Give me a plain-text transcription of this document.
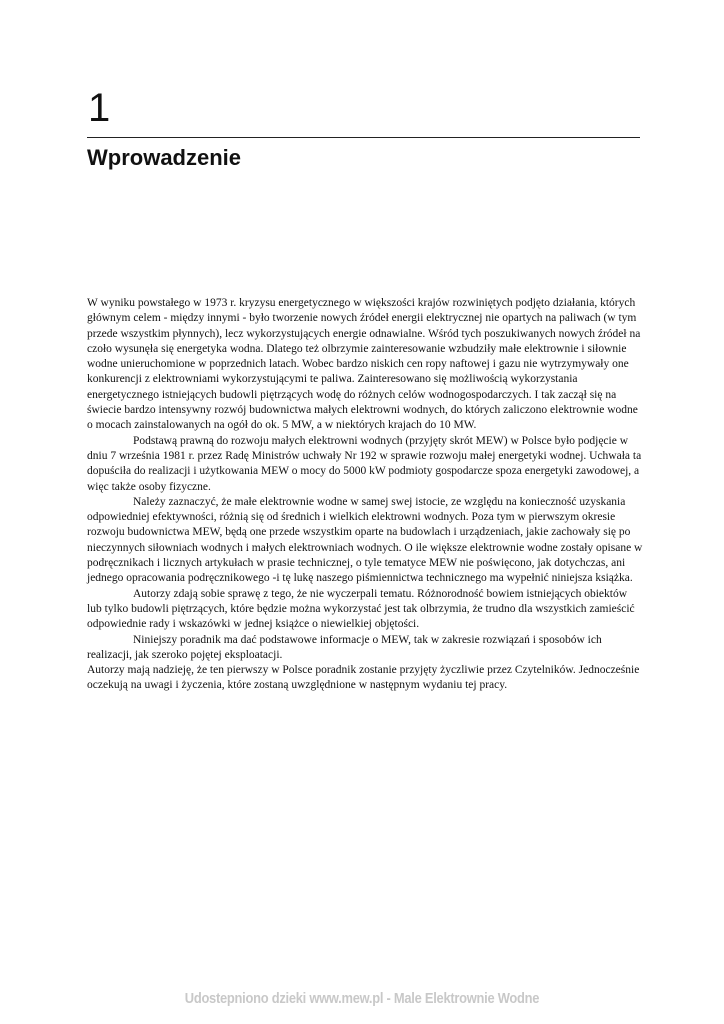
1
Wprowadzenie

W wyniku powstałego w 1973 r. kryzysu energetycznego w większości krajów rozwiniętych podjęto działania, których głównym celem - między innymi - było tworzenie nowych źródeł energii elektrycznej nie opartych na paliwach (w tym przede wszystkim płynnych), lecz wykorzystujących energie odnawialne. Wśród tych poszukiwanych nowych źródeł na czoło wysunęła się energetyka wodna. Dlatego też olbrzymie zainteresowanie wzbudziły małe elektrownie i siłownie wodne unieruchomione w poprzednich latach. Wobec bardzo niskich cen ropy naftowej i gazu nie wytrzymywały one konkurencji z elektrowniami wykorzystującymi te paliwa. Zainteresowano się możliwością wykorzystania energetycznego istniejących budowli piętrzących wodę do różnych celów wodnogospodarczych. I tak zaczął się na świecie bardzo intensywny rozwój budownictwa małych elektrowni wodnych, do których zaliczono elektrownie wodne o mocach zainstalowanych na ogół do ok. 5 MW, a w niektórych krajach do 10 MW.

Podstawą prawną do rozwoju małych elektrowni wodnych (przyjęty skrót MEW) w Polsce było podjęcie w dniu 7 września 1981 r. przez Radę Ministrów uchwały Nr 192 w sprawie rozwoju małej energetyki wodnej. Uchwała ta dopuściła do realizacji i użytkowania MEW o mocy do 5000 kW podmioty gospodarcze spoza energetyki zawodowej, a więc także osoby fizyczne.

Należy zaznaczyć, że małe elektrownie wodne w samej swej istocie, ze względu na konieczność uzyskania odpowiedniej efektywności, różnią się od średnich i wielkich elektrowni wodnych. Poza tym w pierwszym okresie rozwoju budownictwa MEW, będą one przede wszystkim oparte na budowlach i urządzeniach, jakie zachowały się po nieczynnych siłowniach wodnych i małych elektrowniach wodnych. O ile większe elektrownie wodne zostały opisane w podręcznikach i licznych artykułach w prasie technicznej, o tyle tematyce MEW nie poświęcono, jak dotychczas, ani jednego opracowania podręcznikowego -i tę lukę naszego piśmiennictwa technicznego ma wypełnić niniejsza książka.

Autorzy zdają sobie sprawę z tego, że nie wyczerpali tematu. Różnorodność bowiem istniejących obiektów lub tylko budowli piętrzących, które będzie można wykorzystać jest tak olbrzymia, że trudno dla wszystkich zamieścić odpowiednie rady i wskazówki w jednej książce o niewielkiej objętości.

Niniejszy poradnik ma dać podstawowe informacje o MEW, tak w zakresie rozwiązań i sposobów ich realizacji, jak szeroko pojętej eksploatacji.

Autorzy mają nadzieję, że ten pierwszy w Polsce poradnik zostanie przyjęty życzliwie przez Czytelników. Jednocześnie oczekują na uwagi i życzenia, które zostaną uwzględnione w następnym wydaniu tej pracy.

Udostepniono dzieki www.mew.pl - Male Elektrownie Wodne
